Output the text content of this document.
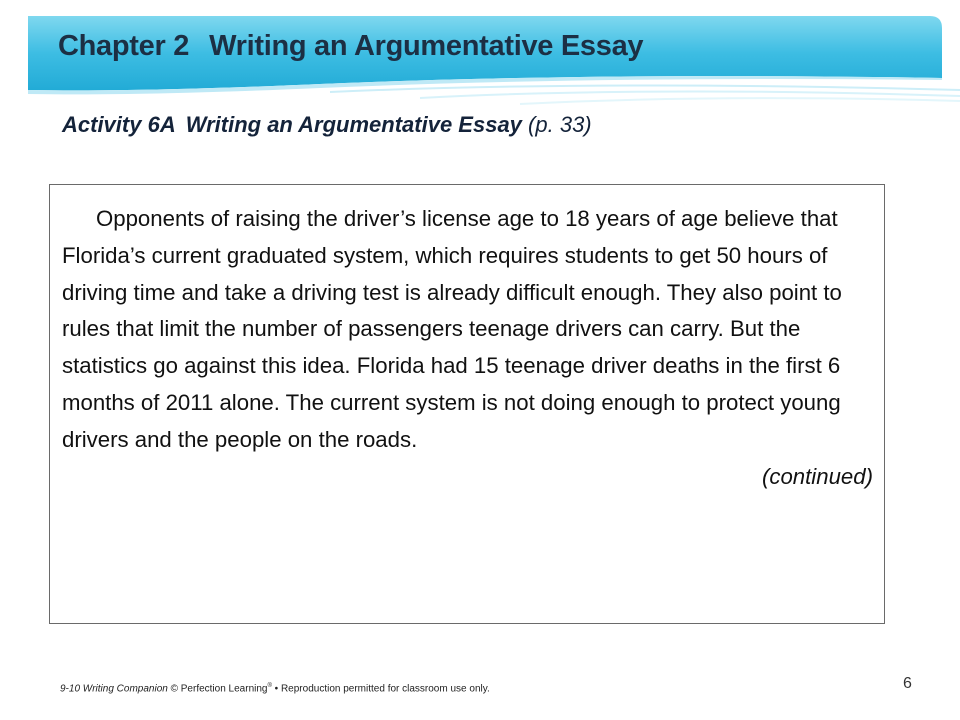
Chapter 2 Writing an Argumentative Essay

Activity 6A Writing an Argumentative Essay (p. 33)

Opponents of raising the driver’s license age to 18 years of age believe that Florida’s current graduated system, which requires students to get 50 hours of driving time and take a driving test is already difficult enough. They also point to rules that limit the number of passengers teenage drivers can carry. But the statistics go against this idea. Florida had 15 teenage driver deaths in the first 6 months of 2011 alone. The current system is not doing enough to protect young drivers and the people on the roads.

(continued)

9-10 Writing Companion © Perfection Learning® • Reproduction permitted for classroom use only.	6
